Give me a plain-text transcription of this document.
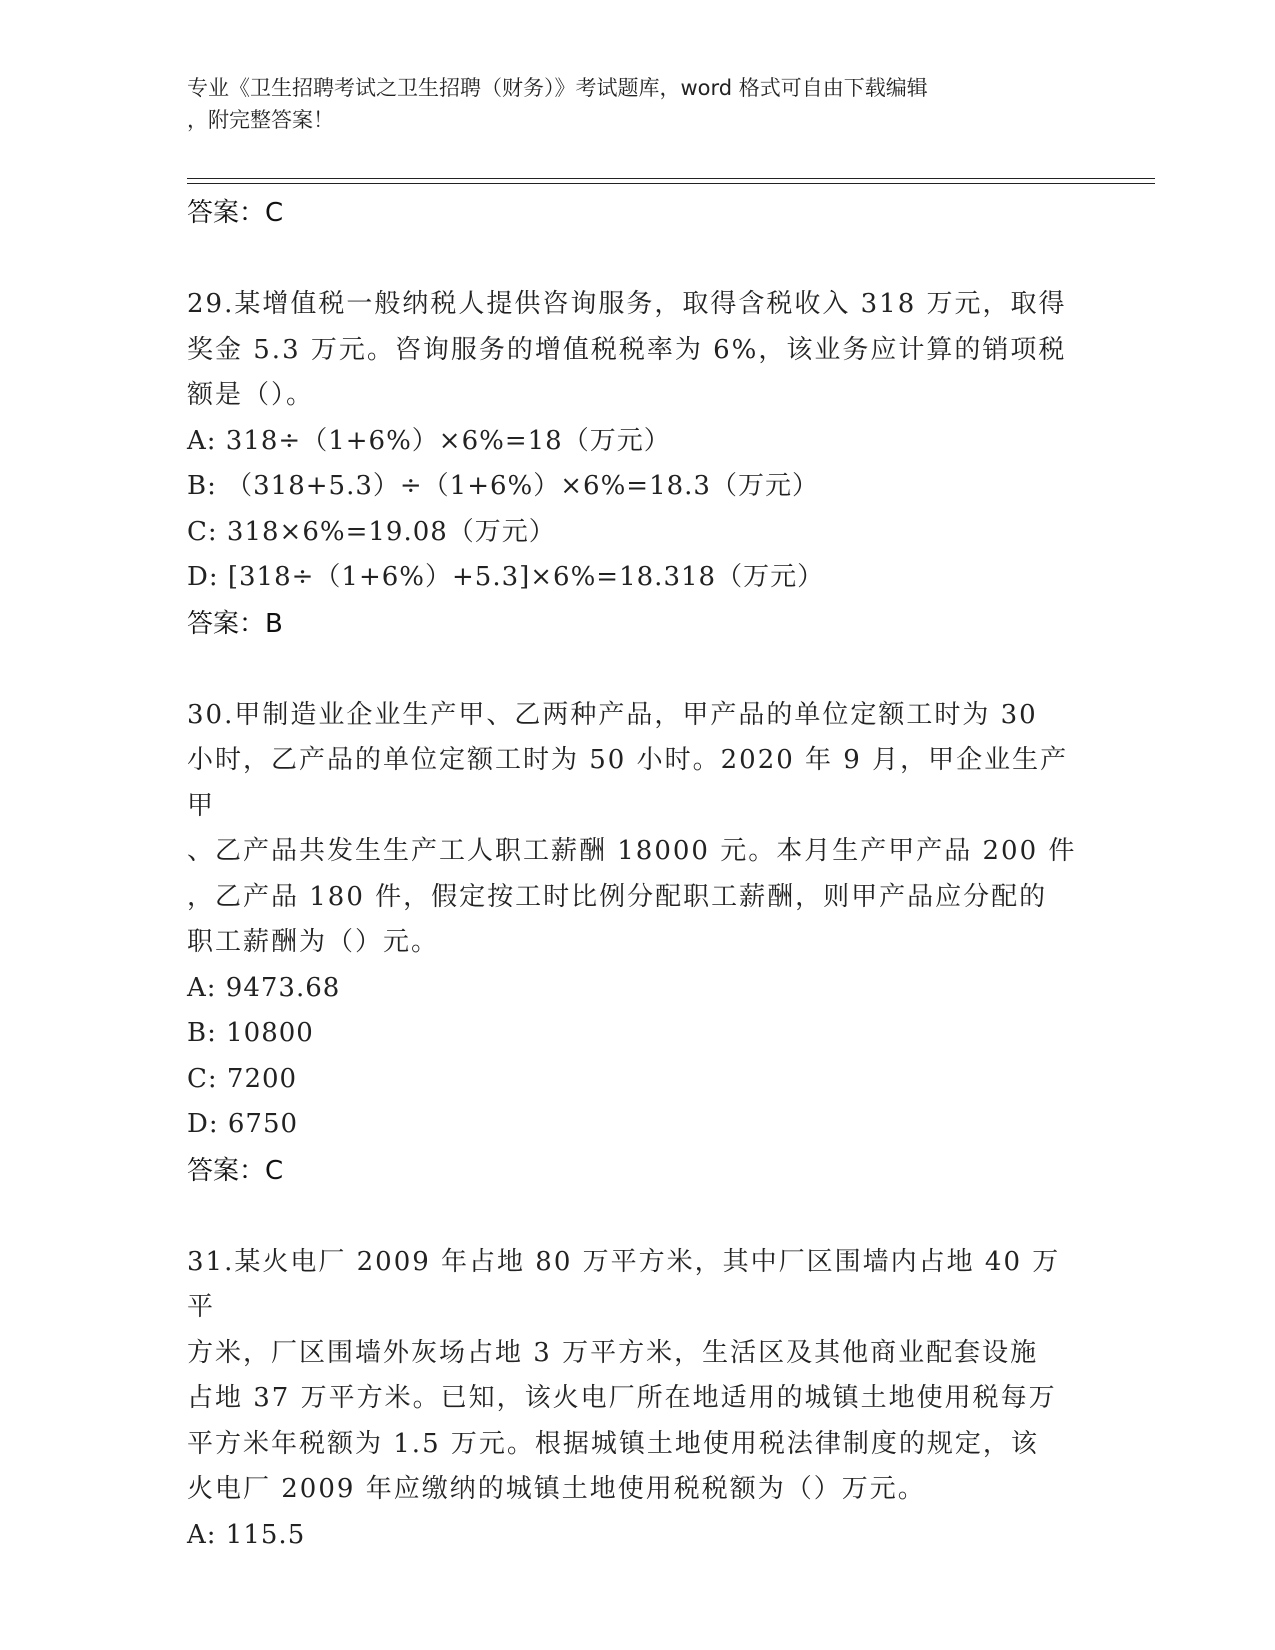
专业《卫生招聘考试之卫生招聘（财务）》考试题库，word 格式可自由下载编辑
，附完整答案！
答案：C
29.某增值税一般纳税人提供咨询服务，取得含税收入 318 万元，取得
奖金 5.3 万元。咨询服务的增值税税率为 6%，该业务应计算的销项税
额是（）。
A: 318÷（1+6%）×6%=18（万元）
B: （318+5.3）÷（1+6%）×6%=18.3（万元）
C: 318×6%=19.08（万元）
D: [318÷（1+6%）+5.3]×6%=18.318（万元）
答案：B
30.甲制造业企业生产甲、乙两种产品，甲产品的单位定额工时为 30
小时，乙产品的单位定额工时为 50 小时。2020 年 9 月，甲企业生产甲
、乙产品共发生生产工人职工薪酬 18000 元。本月生产甲产品 200 件
，乙产品 180 件，假定按工时比例分配职工薪酬，则甲产品应分配的
职工薪酬为（）元。
A: 9473.68
B: 10800
C: 7200
D: 6750
答案：C
31.某火电厂 2009 年占地 80 万平方米，其中厂区围墙内占地 40 万平
方米，厂区围墙外灰场占地 3 万平方米，生活区及其他商业配套设施
占地 37 万平方米。已知，该火电厂所在地适用的城镇土地使用税每万
平方米年税额为 1.5 万元。根据城镇土地使用税法律制度的规定，该
火电厂 2009 年应缴纳的城镇土地使用税税额为（）万元。
A: 115.5
